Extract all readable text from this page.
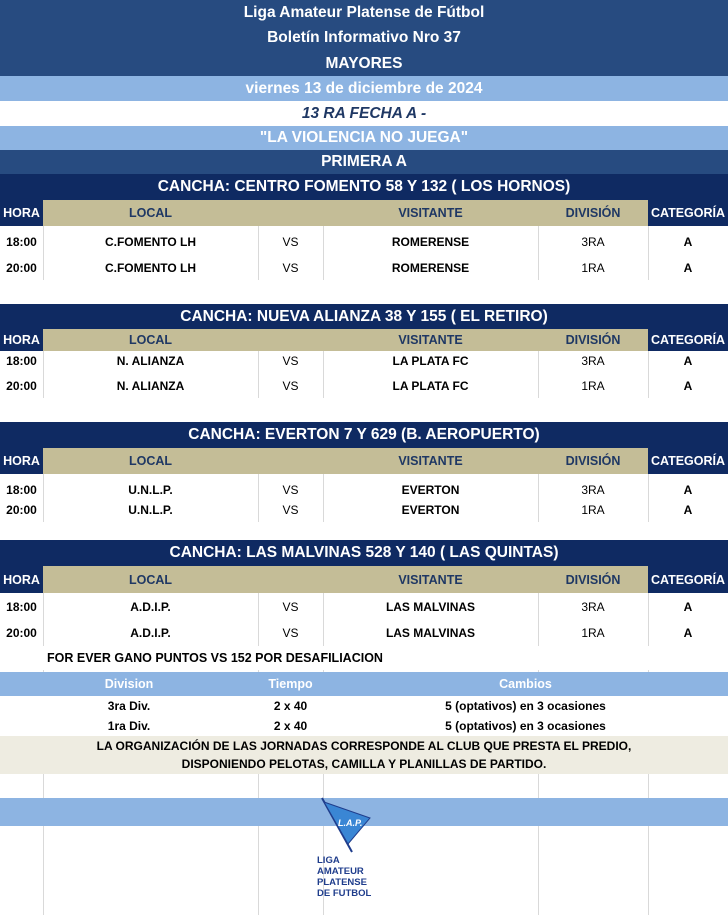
Liga Amateur Platense de Fútbol
Boletín Informativo Nro 37
MAYORES
viernes 13 de diciembre de 2024
13 RA FECHA A -
"LA VIOLENCIA NO JUEGA"
PRIMERA A
CANCHA: CENTRO FOMENTO 58 Y 132 ( LOS HORNOS)
HORA	LOCAL	VISITANTE	DIVISIÓN	CATEGORÍA
18:00	C.FOMENTO LH	VS	ROMERENSE	3RA	A
20:00	C.FOMENTO LH	VS	ROMERENSE	1RA	A
CANCHA: NUEVA ALIANZA 38 Y 155 ( EL RETIRO)
HORA	LOCAL	VISITANTE	DIVISIÓN	CATEGORÍA
18:00	N. ALIANZA	VS	LA PLATA FC	3RA	A
20:00	N. ALIANZA	VS	LA PLATA FC	1RA	A
CANCHA: EVERTON 7 Y 629 (B. AEROPUERTO)
HORA	LOCAL	VISITANTE	DIVISIÓN	CATEGORÍA
18:00	U.N.L.P.	VS	EVERTON	3RA	A
20:00	U.N.L.P.	VS	EVERTON	1RA	A
CANCHA: LAS MALVINAS 528 Y 140 ( LAS QUINTAS)
HORA	LOCAL	VISITANTE	DIVISIÓN	CATEGORÍA
18:00	A.D.I.P.	VS	LAS MALVINAS	3RA	A
20:00	A.D.I.P.	VS	LAS MALVINAS	1RA	A
FOR EVER GANO PUNTOS VS 152 POR DESAFILIACION
Division	Tiempo	Cambios
3ra Div.	2 x 40	5 (optativos) en 3 ocasiones
1ra Div.	2 x 40	5 (optativos) en 3 ocasiones
LA ORGANIZACIÓN DE LAS JORNADAS CORRESPONDE AL CLUB QUE PRESTA EL PREDIO,
DISPONIENDO PELOTAS, CAMILLA Y PLANILLAS DE PARTIDO.
L.A.P.
LIGA
AMATEUR
PLATENSE
DE FUTBOL
